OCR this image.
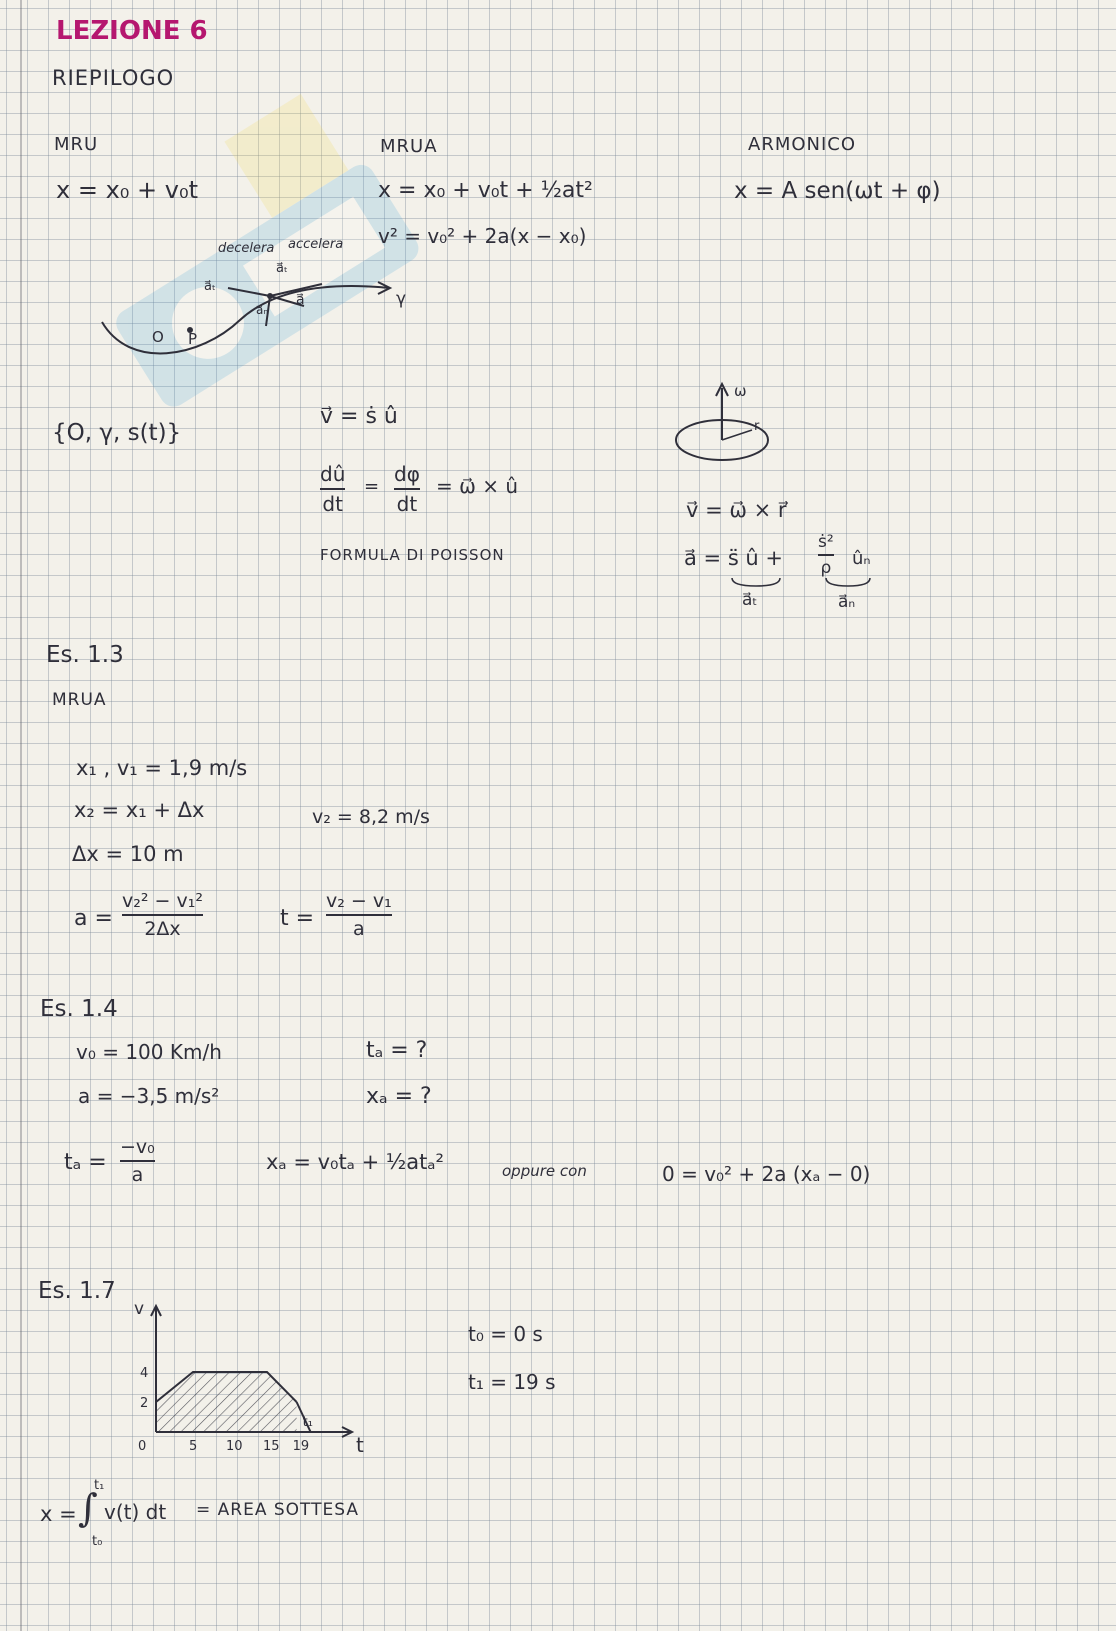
LEZIONE 6
RIEPILOGO
MRU	MRUA	ARMONICO
x = x₀ + v₀t	x = x₀ + v₀t + ½at²
v² = v₀² + 2a(x − x₀)
x = A sen(ωt + φ)
decelera accelera
a⃗ₜ
a⃗ₜ
a⃗
a⃗ₙ
γ
O P
{O, γ, s(t)}
v⃗ = ṡ û
dû
dt
=
dφ
dt
= ω⃗ × û
FORMULA DI POISSON
ω
r
v⃗ = ω⃗ × r⃗
a⃗ = s̈ û +
ṡ²
ρ ûₙ
a⃗ₜ	a⃗ₙ
Es. 1.3
MRUA
x₁ , v₁ = 1,9 m/s
x₂ = x₁ + Δx	v₂ = 8,2 m/s
Δx = 10 m
a =
v₂² − v₁²
2Δx	t =
v₂ − v₁
a
Es. 1.4
v₀ = 100 Km/h
a = −3,5 m/s²
tₐ = ?
xₐ = ?
tₐ =
−v₀
a
xₐ = v₀tₐ + ½atₐ²	oppure con	0 = v₀² + 2a (xₐ − 0)
Es. 1.7
t₀ = 0 s
t₁ = 19 s
v
t
2
4
0	5 10 15 19
t₁
x = ∫
t₁
t₀
v(t) dt = AREA SOTTESA
